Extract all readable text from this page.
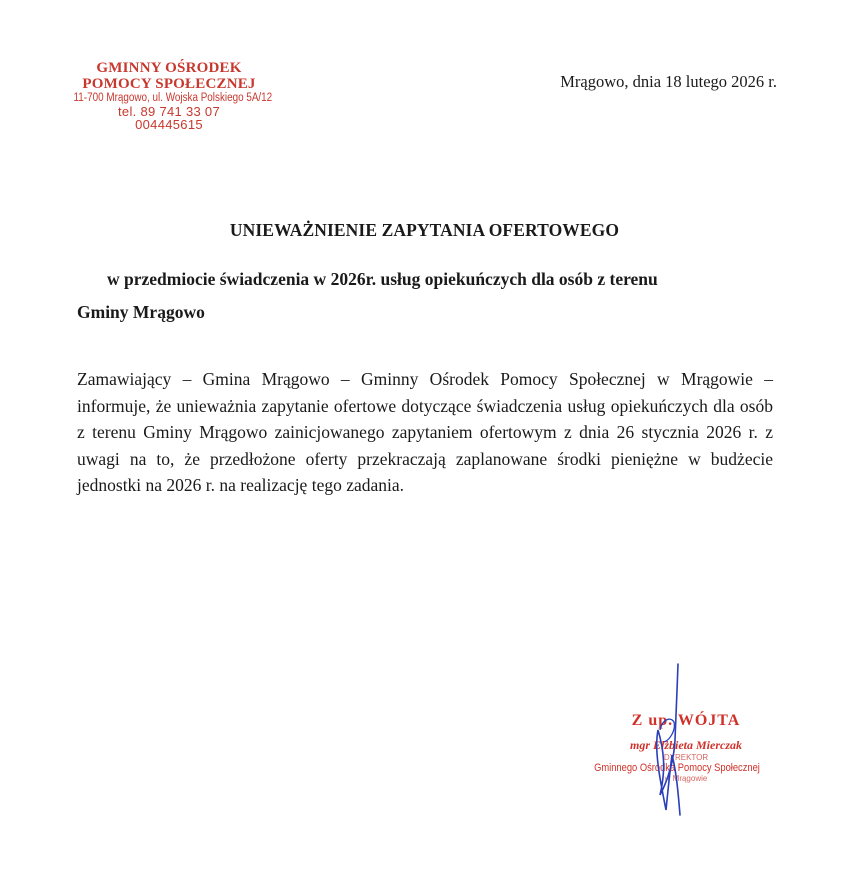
GMINNY OŚRODEK
POMOCY SPOŁECZNEJ
11-700 Mrągowo, ul. Wojska Polskiego 5A/12
tel. 89 741 33 07
004445615
Mrągowo, dnia 18 lutego 2026 r.
UNIEWAŻNIENIE ZAPYTANIA OFERTOWEGO
w przedmiocie świadczenia w 2026r. usług opiekuńczych dla osób z terenu
Gminy Mrągowo
Zamawiający – Gmina Mrągowo – Gminny Ośrodek Pomocy Społecznej w Mrągowie – informuje, że unieważnia zapytanie ofertowe dotyczące świadczenia usług opiekuńczych dla osób z terenu Gminy Mrągowo zainicjowanego zapytaniem ofertowym z dnia 26 stycznia 2026 r. z uwagi na to, że przedłożone oferty przekraczają zaplanowane środki pieniężne w budżecie jednostki na 2026 r. na realizację tego zadania.
Z up. WÓJTA
mgr Elżbieta Mierczak
DYREKTOR
Gminnego Ośrodka Pomocy Społecznej
w Mrągowie
